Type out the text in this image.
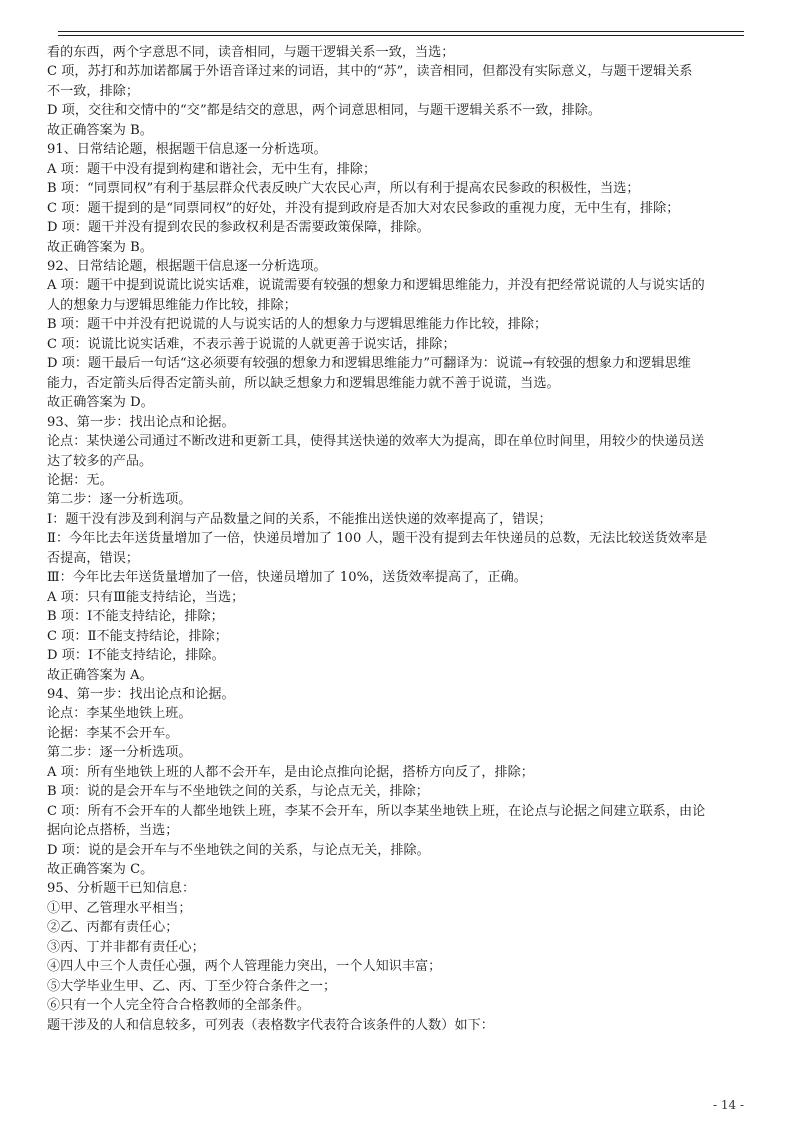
看的东西，两个字意思不同，读音相同，与题干逻辑关系一致，当选；
C 项，苏打和苏加诺都属于外语音译过来的词语，其中的“苏”，读音相同，但都没有实际意义，与题干逻辑关系
不一致，排除；
D 项，交往和交情中的“交”都是结交的意思，两个词意思相同，与题干逻辑关系不一致，排除。
故正确答案为 B。
91、日常结论题，根据题干信息逐一分析选项。
A 项：题干中没有提到构建和谐社会，无中生有，排除；
B 项：“同票同权”有利于基层群众代表反映广大农民心声，所以有利于提高农民参政的积极性，当选；
C 项：题干提到的是“同票同权”的好处，并没有提到政府是否加大对农民参政的重视力度，无中生有，排除；
D 项：题干并没有提到农民的参政权利是否需要政策保障，排除。
故正确答案为 B。
92、日常结论题，根据题干信息逐一分析选项。
A 项：题干中提到说谎比说实话难，说谎需要有较强的想象力和逻辑思维能力，并没有把经常说谎的人与说实话的
人的想象力与逻辑思维能力作比较，排除；
B 项：题干中并没有把说谎的人与说实话的人的想象力与逻辑思维能力作比较，排除；
C 项：说谎比说实话难，不表示善于说谎的人就更善于说实话，排除；
D 项：题干最后一句话“这必须要有较强的想象力和逻辑思维能力”可翻译为：说谎→有较强的想象力和逻辑思维
能力，否定箭头后得否定箭头前，所以缺乏想象力和逻辑思维能力就不善于说谎，当选。
故正确答案为 D。
93、第一步：找出论点和论据。
论点：某快递公司通过不断改进和更新工具，使得其送快递的效率大为提高，即在单位时间里，用较少的快递员送
达了较多的产品。
论据：无。
第二步：逐一分析选项。
Ⅰ：题干没有涉及到利润与产品数量之间的关系，不能推出送快递的效率提高了，错误；
Ⅱ：今年比去年送货量增加了一倍，快递员增加了 100 人，题干没有提到去年快递员的总数，无法比较送货效率是
否提高，错误；
Ⅲ：今年比去年送货量增加了一倍，快递员增加了 10%，送货效率提高了，正确。
A 项：只有Ⅲ能支持结论，当选；
B 项：Ⅰ不能支持结论，排除；
C 项：Ⅱ不能支持结论，排除；
D 项：Ⅰ不能支持结论，排除。
故正确答案为 A。
94、第一步：找出论点和论据。
论点：李某坐地铁上班。
论据：李某不会开车。
第二步：逐一分析选项。
A 项：所有坐地铁上班的人都不会开车，是由论点推向论据，搭桥方向反了，排除；
B 项：说的是会开车与不坐地铁之间的关系，与论点无关，排除；
C 项：所有不会开车的人都坐地铁上班，李某不会开车，所以李某坐地铁上班，在论点与论据之间建立联系，由论
据向论点搭桥，当选；
D 项：说的是会开车与不坐地铁之间的关系，与论点无关，排除。
故正确答案为 C。
95、分析题干已知信息：
①甲、乙管理水平相当；
②乙、丙都有责任心；
③丙、丁并非都有责任心；
④四人中三个人责任心强，两个人管理能力突出，一个人知识丰富；
⑤大学毕业生甲、乙、丙、丁至少符合条件之一；
⑥只有一个人完全符合合格教师的全部条件。
题干涉及的人和信息较多，可列表（表格数字代表符合该条件的人数）如下：
- 14 -
